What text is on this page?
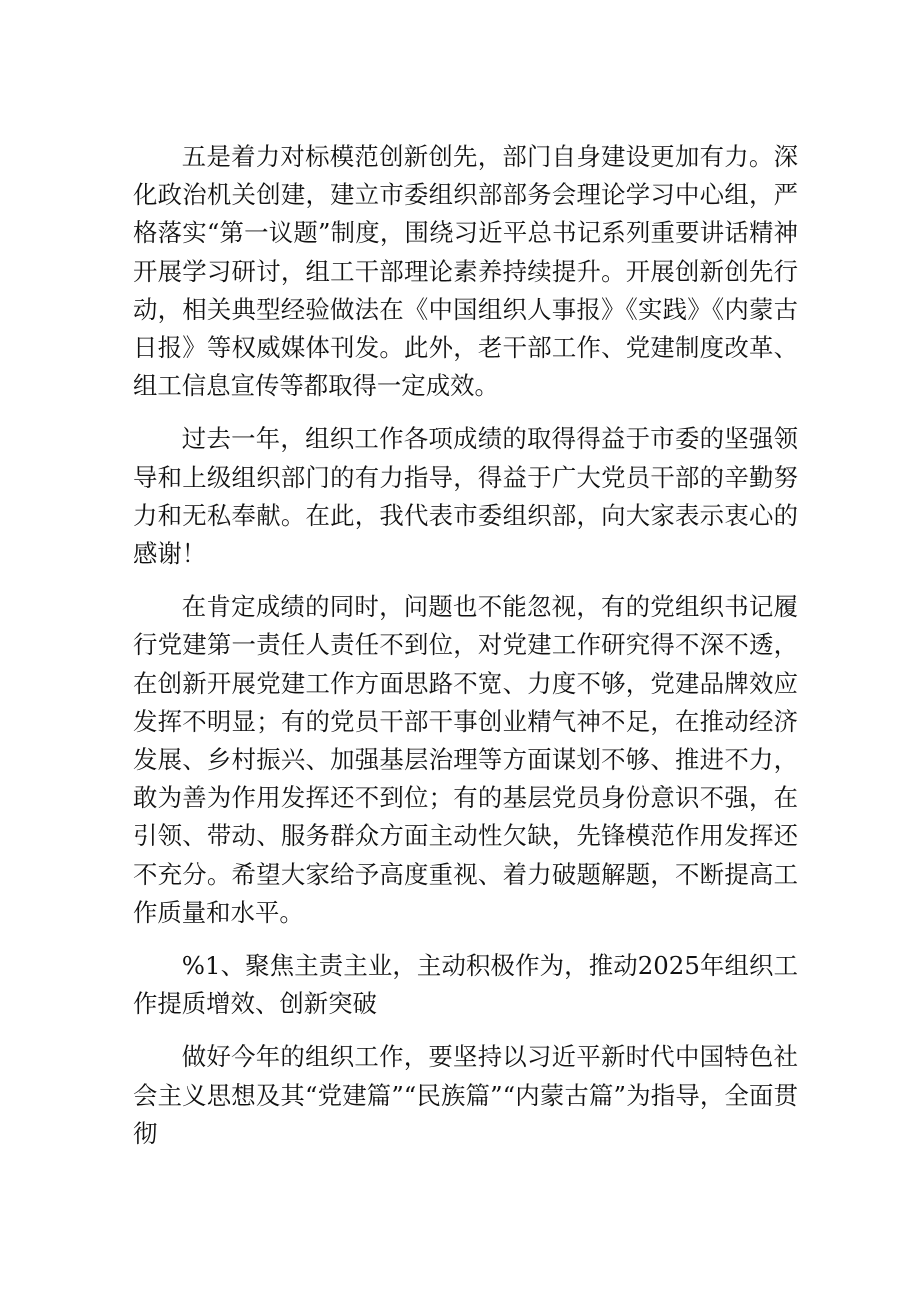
五是着力对标模范创新创先，部门自身建设更加有力。深化政治机关创建，建立市委组织部部务会理论学习中心组，严格落实“第一议题”制度，围绕习近平总书记系列重要讲话精神开展学习研讨，组工干部理论素养持续提升。开展创新创先行动，相关典型经验做法在《中国组织人事报》《实践》《内蒙古日报》等权威媒体刊发。此外，老干部工作、党建制度改革、组工信息宣传等都取得一定成效。

过去一年，组织工作各项成绩的取得得益于市委的坚强领导和上级组织部门的有力指导，得益于广大党员干部的辛勤努力和无私奉献。在此，我代表市委组织部，向大家表示衷心的感谢！

在肯定成绩的同时，问题也不能忽视，有的党组织书记履行党建第一责任人责任不到位，对党建工作研究得不深不透，在创新开展党建工作方面思路不宽、力度不够，党建品牌效应发挥不明显；有的党员干部干事创业精气神不足，在推动经济发展、乡村振兴、加强基层治理等方面谋划不够、推进不力，敢为善为作用发挥还不到位；有的基层党员身份意识不强，在引领、带动、服务群众方面主动性欠缺，先锋模范作用发挥还不充分。希望大家给予高度重视、着力破题解题，不断提高工作质量和水平。

%1、聚焦主责主业，主动积极作为，推动2025年组织工作提质增效、创新突破

做好今年的组织工作，要坚持以习近平新时代中国特色社会主义思想及其“党建篇”“民族篇”“内蒙古篇”为指导，全面贯彻
